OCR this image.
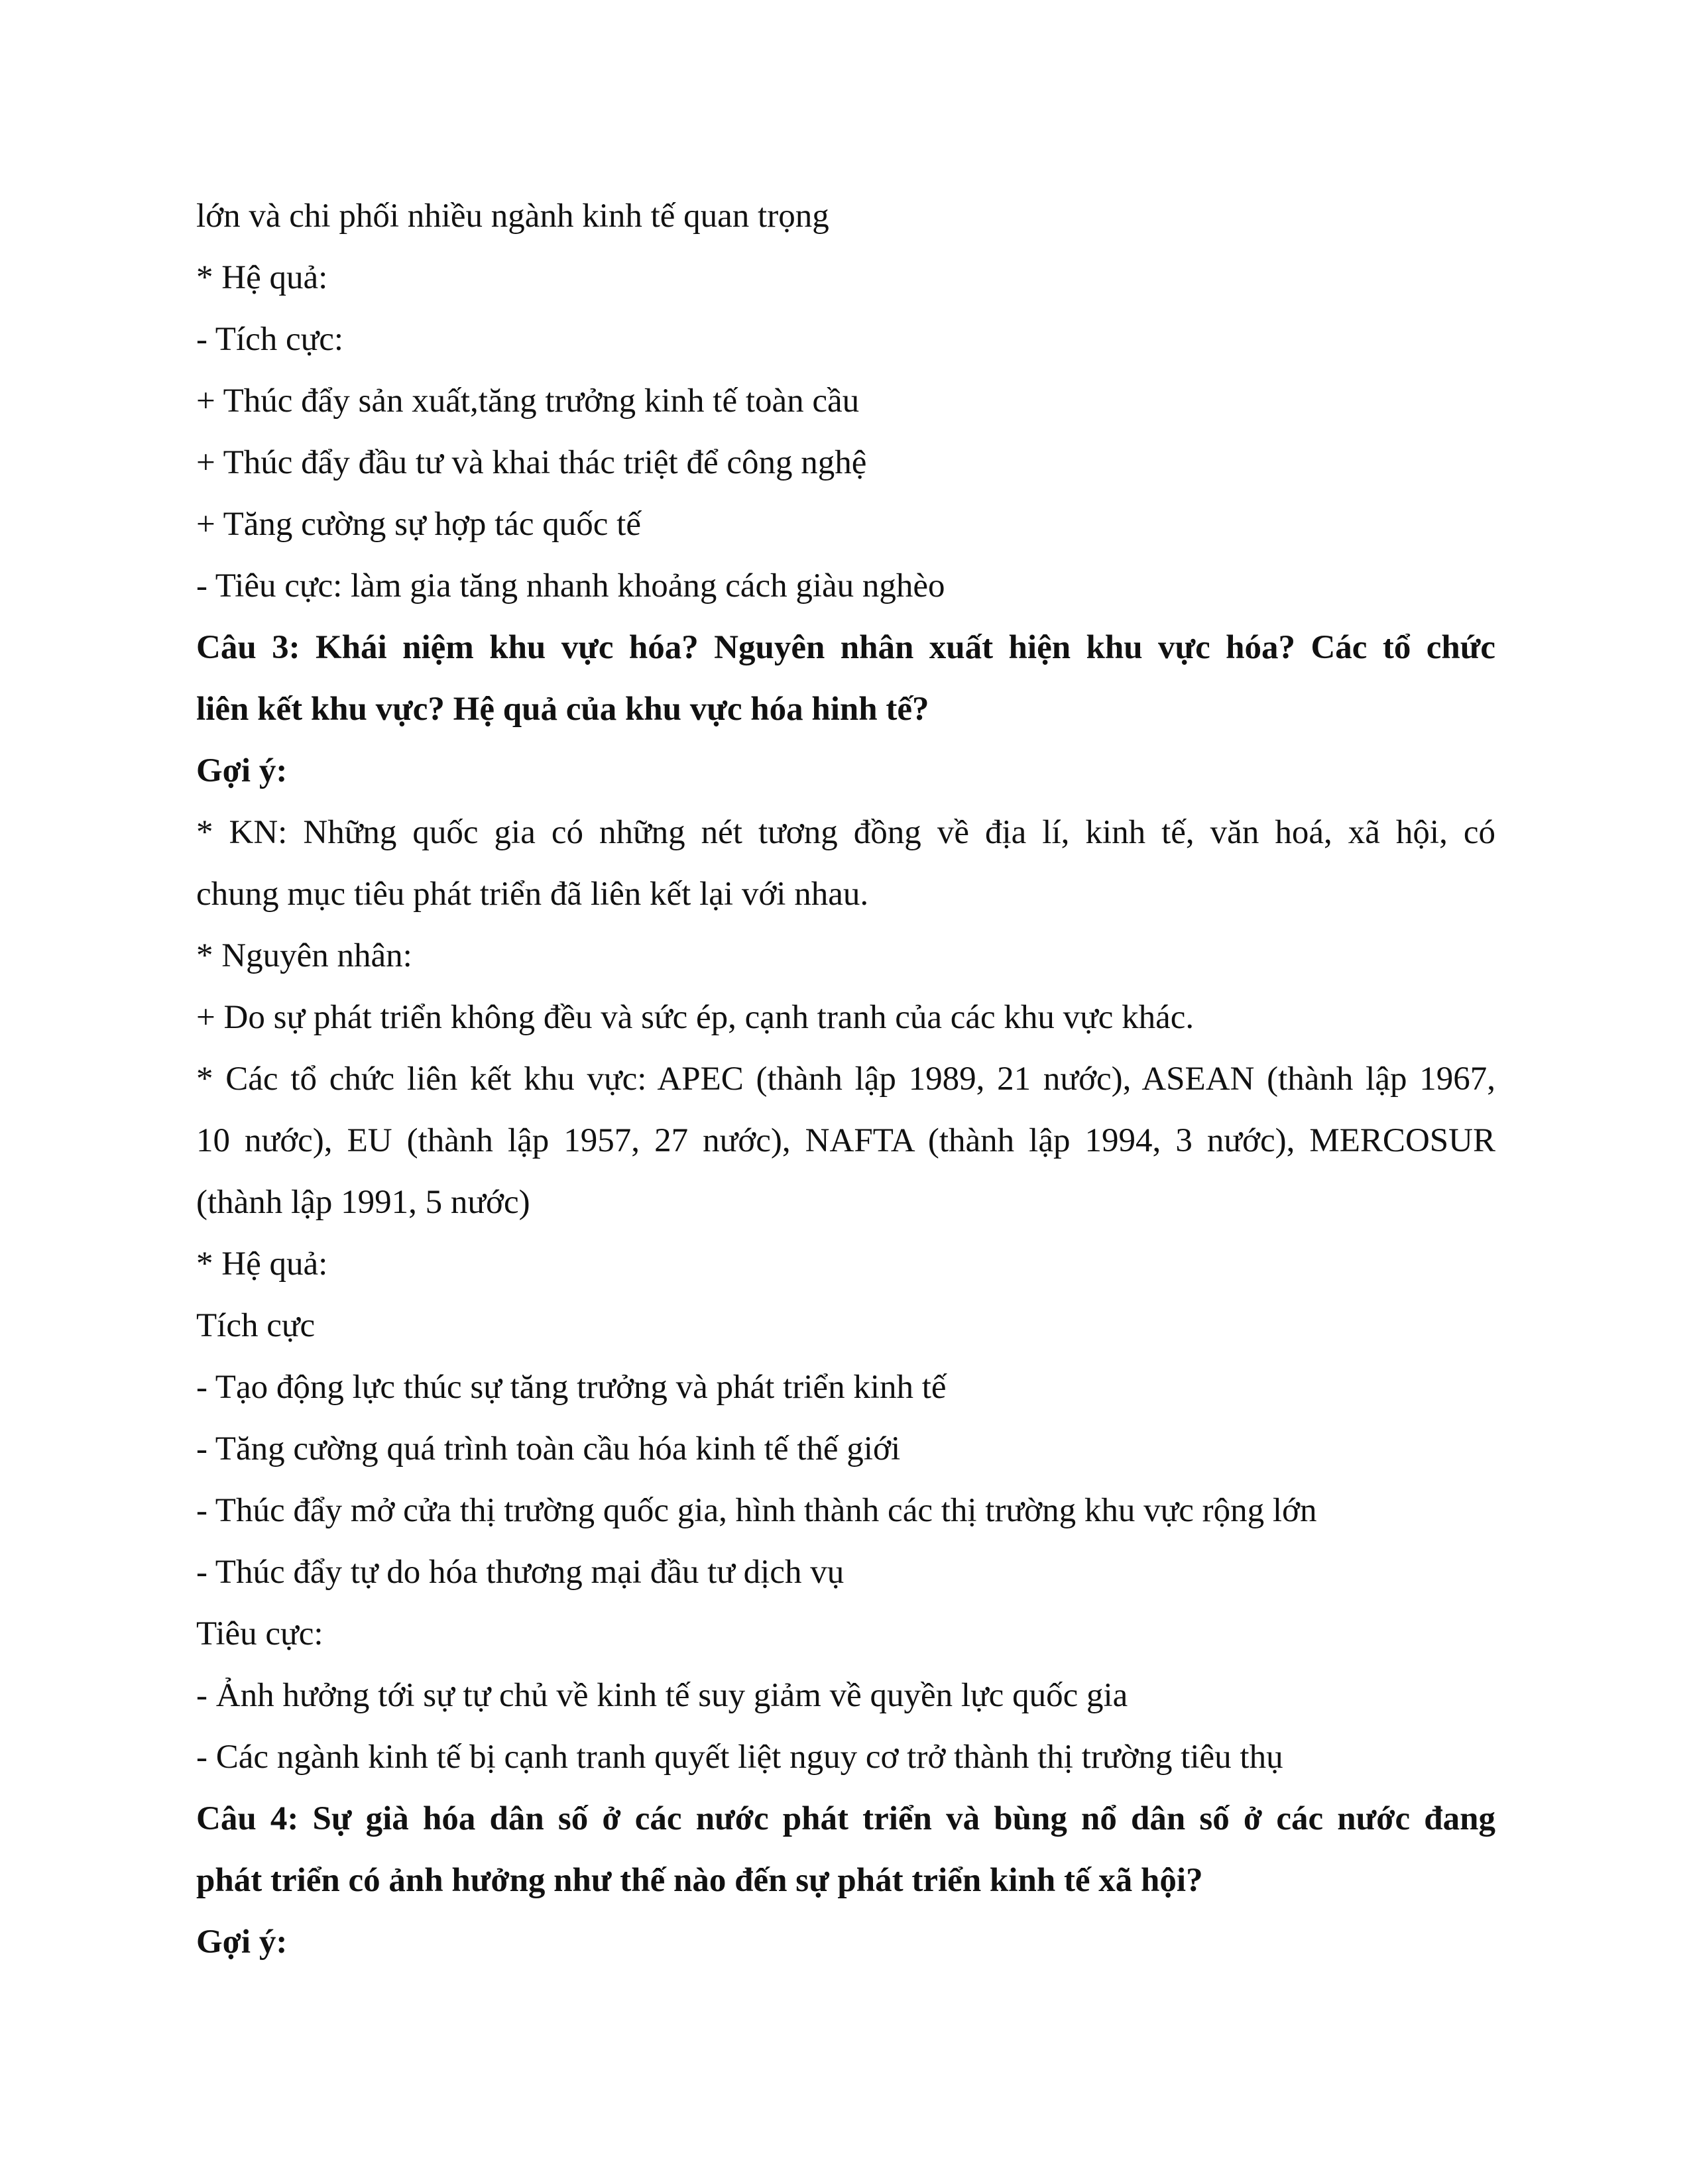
lớn và chi phối nhiều ngành kinh tế quan trọng

* Hệ quả:

- Tích cực:

+ Thúc đẩy sản xuất,tăng trưởng kinh tế toàn cầu

+ Thúc đẩy đầu tư và khai thác triệt để công nghệ

+ Tăng cường sự hợp tác quốc tế

- Tiêu cực: làm gia tăng nhanh khoảng cách giàu nghèo

Câu 3: Khái niệm khu vực hóa? Nguyên nhân xuất hiện khu vực hóa? Các tổ chức

liên kết khu vực? Hệ quả của khu vực hóa hinh tế?

Gợi ý:

* KN: Những quốc gia có những nét tương đồng về địa lí, kinh tế, văn hoá, xã hội, có

chung mục tiêu phát triển đã liên kết lại với nhau.

* Nguyên nhân:

+ Do sự phát triển không đều và sức ép, cạnh tranh của các khu vực khác.

* Các tổ chức liên kết khu vực: APEC (thành lập 1989, 21 nước), ASEAN (thành lập 1967,

10 nước), EU (thành lập 1957, 27 nước), NAFTA (thành lập 1994, 3 nước), MERCOSUR

(thành lập 1991, 5 nước)

* Hệ quả:

Tích cực

- Tạo động lực thúc sự tăng trưởng và phát triển kinh tế

- Tăng cường quá trình toàn cầu hóa kinh tế thế giới

- Thúc đẩy mở cửa thị trường quốc gia, hình thành các thị trường khu vực rộng lớn

- Thúc đẩy tự do hóa thương mại đầu tư dịch vụ

Tiêu cực:

- Ảnh hưởng tới sự tự chủ về kinh tế suy giảm về quyền lực quốc gia

- Các ngành kinh tế bị cạnh tranh quyết liệt nguy cơ trở thành thị trường tiêu thụ

Câu 4: Sự già hóa dân số ở các nước phát triển và bùng nổ dân số ở các nước đang

phát triển có ảnh hưởng như thế nào đến sự phát triển kinh tế xã hội?

Gợi ý:
